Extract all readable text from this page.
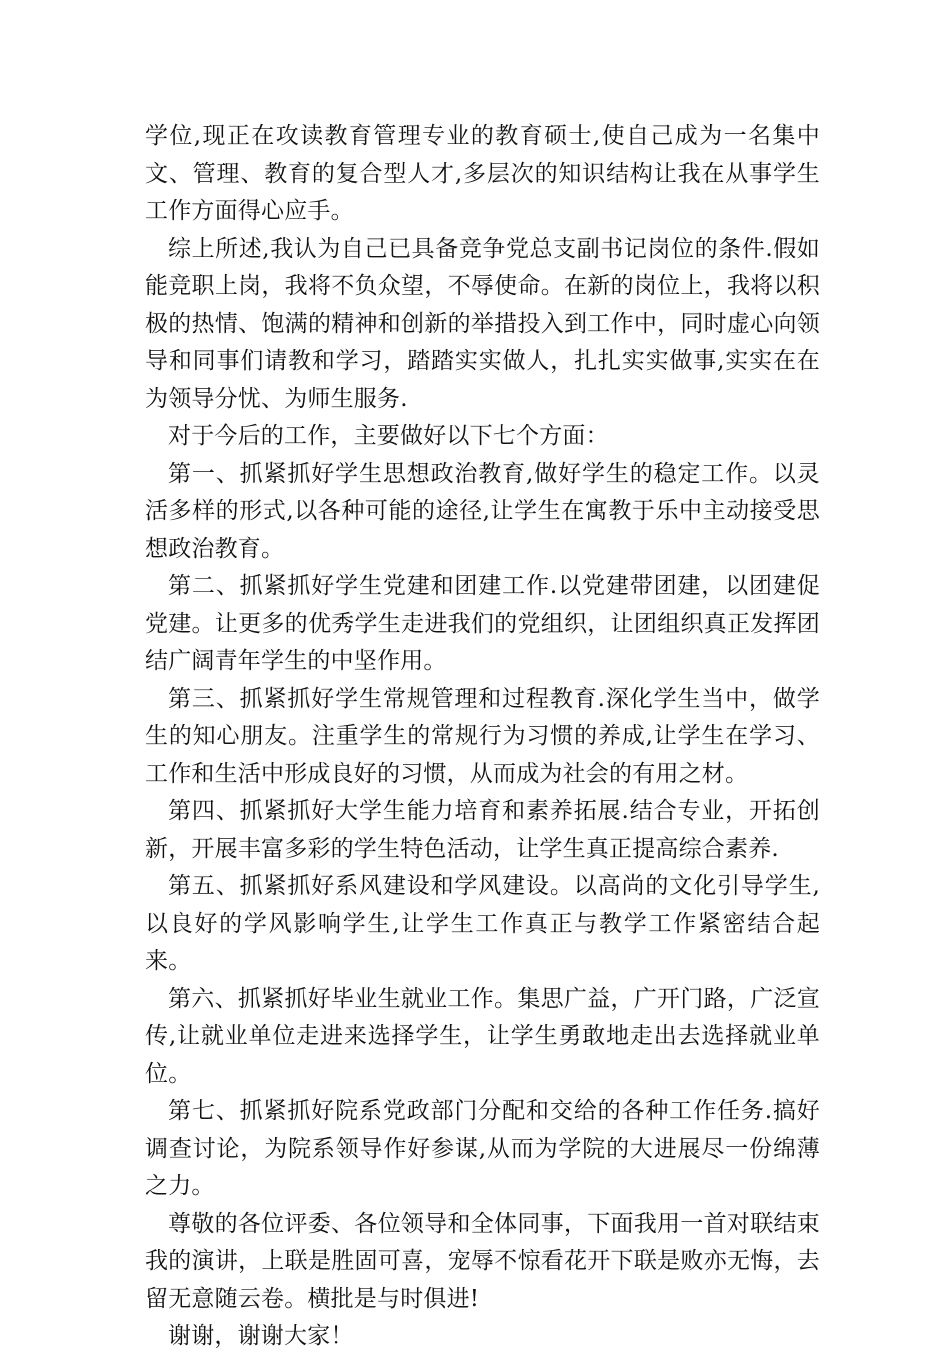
学位,现正在攻读教育管理专业的教育硕士,使自己成为一名集中文、管理、教育的复合型人才,多层次的知识结构让我在从事学生工作方面得心应手。

综上所述,我认为自己已具备竞争党总支副书记岗位的条件.假如能竞职上岗，我将不负众望，不辱使命。在新的岗位上，我将以积极的热情、饱满的精神和创新的举措投入到工作中，同时虚心向领导和同事们请教和学习，踏踏实实做人，扎扎实实做事,实实在在为领导分忧、为师生服务.

对于今后的工作，主要做好以下七个方面：

第一、抓紧抓好学生思想政治教育,做好学生的稳定工作。以灵活多样的形式,以各种可能的途径,让学生在寓教于乐中主动接受思想政治教育。

第二、抓紧抓好学生党建和团建工作.以党建带团建，以团建促党建。让更多的优秀学生走进我们的党组织，让团组织真正发挥团结广阔青年学生的中坚作用。

第三、抓紧抓好学生常规管理和过程教育.深化学生当中，做学生的知心朋友。注重学生的常规行为习惯的养成,让学生在学习、工作和生活中形成良好的习惯，从而成为社会的有用之材。

第四、抓紧抓好大学生能力培育和素养拓展.结合专业，开拓创新，开展丰富多彩的学生特色活动，让学生真正提高综合素养.

第五、抓紧抓好系风建设和学风建设。以高尚的文化引导学生,以良好的学风影响学生,让学生工作真正与教学工作紧密结合起来。

第六、抓紧抓好毕业生就业工作。集思广益，广开门路，广泛宣传,让就业单位走进来选择学生，让学生勇敢地走出去选择就业单位。

第七、抓紧抓好院系党政部门分配和交给的各种工作任务.搞好调查讨论，为院系领导作好参谋,从而为学院的大进展尽一份绵薄之力。

尊敬的各位评委、各位领导和全体同事，下面我用一首对联结束我的演讲，上联是胜固可喜，宠辱不惊看花开下联是败亦无悔，去留无意随云卷。横批是与时俱进!

谢谢，谢谢大家！
